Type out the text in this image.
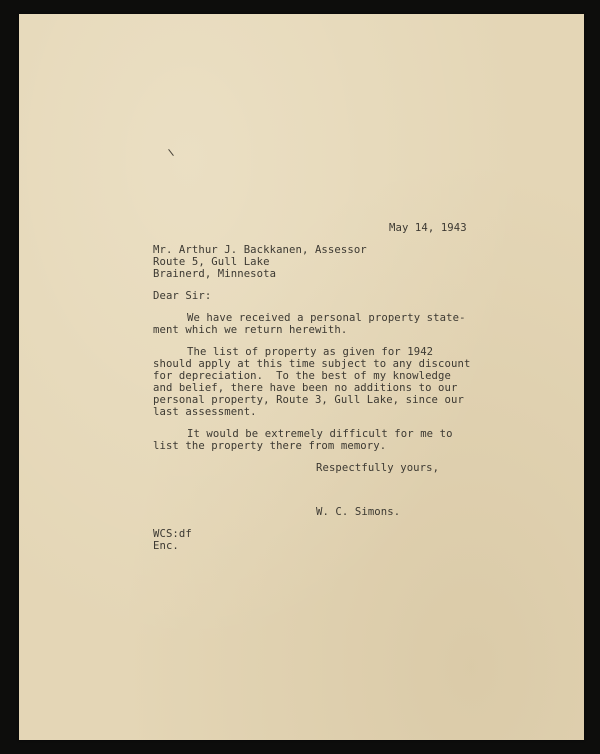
May 14, 1943

Mr. Arthur J. Backkanen, Assessor

Route 5, Gull Lake

Brainerd, Minnesota

Dear Sir:

We have received a personal property state-

ment which we return herewith.

The list of property as given for 1942

should apply at this time subject to any discount

for depreciation.  To the best of my knowledge

and belief, there have been no additions to our

personal property, Route 3, Gull Lake, since our

last assessment.

It would be extremely difficult for me to

list the property there from memory.

Respectfully yours,

W. C. Simons.

WCS:df

Enc.
